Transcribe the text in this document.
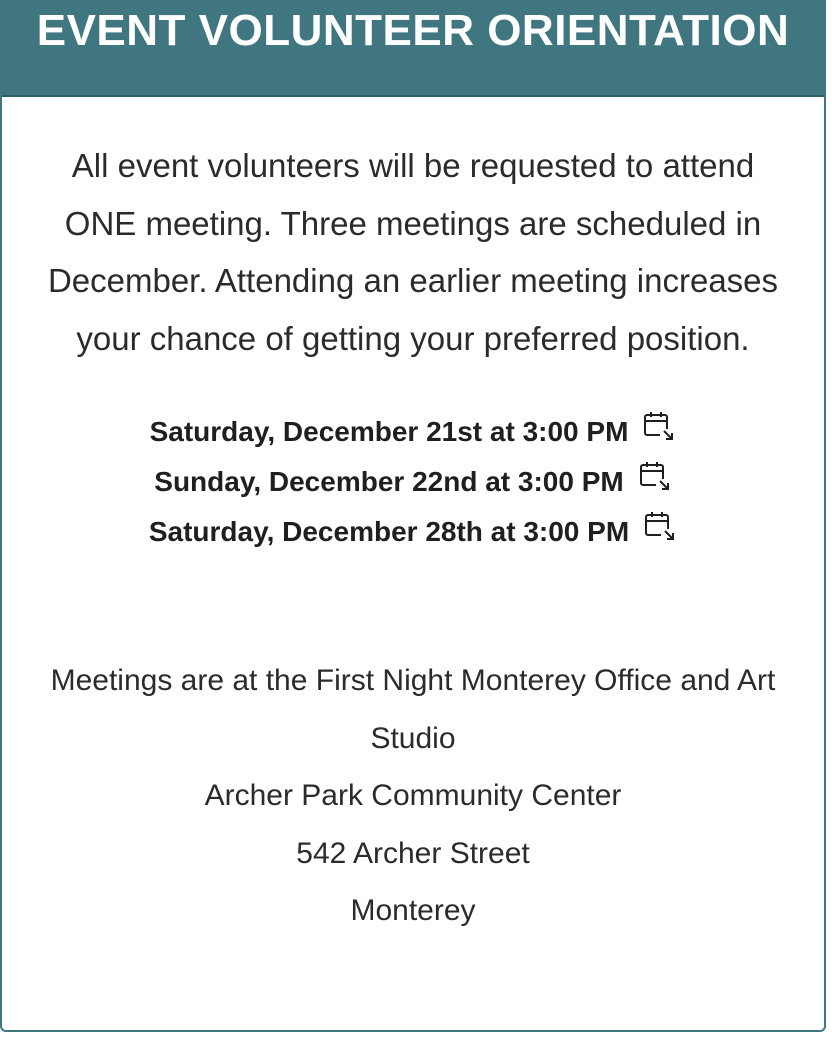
EVENT VOLUNTEER ORIENTATION

All event volunteers will be requested to attend ONE meeting. Three meetings are scheduled in December. Attending an earlier meeting increases your chance of getting your preferred position.

Saturday, December 21st at 3:00 PM
Sunday, December 22nd at 3:00 PM
Saturday, December 28th at 3:00 PM
Meetings are at the First Night Monterey Office and Art Studio
Archer Park Community Center
542 Archer Street
Monterey
